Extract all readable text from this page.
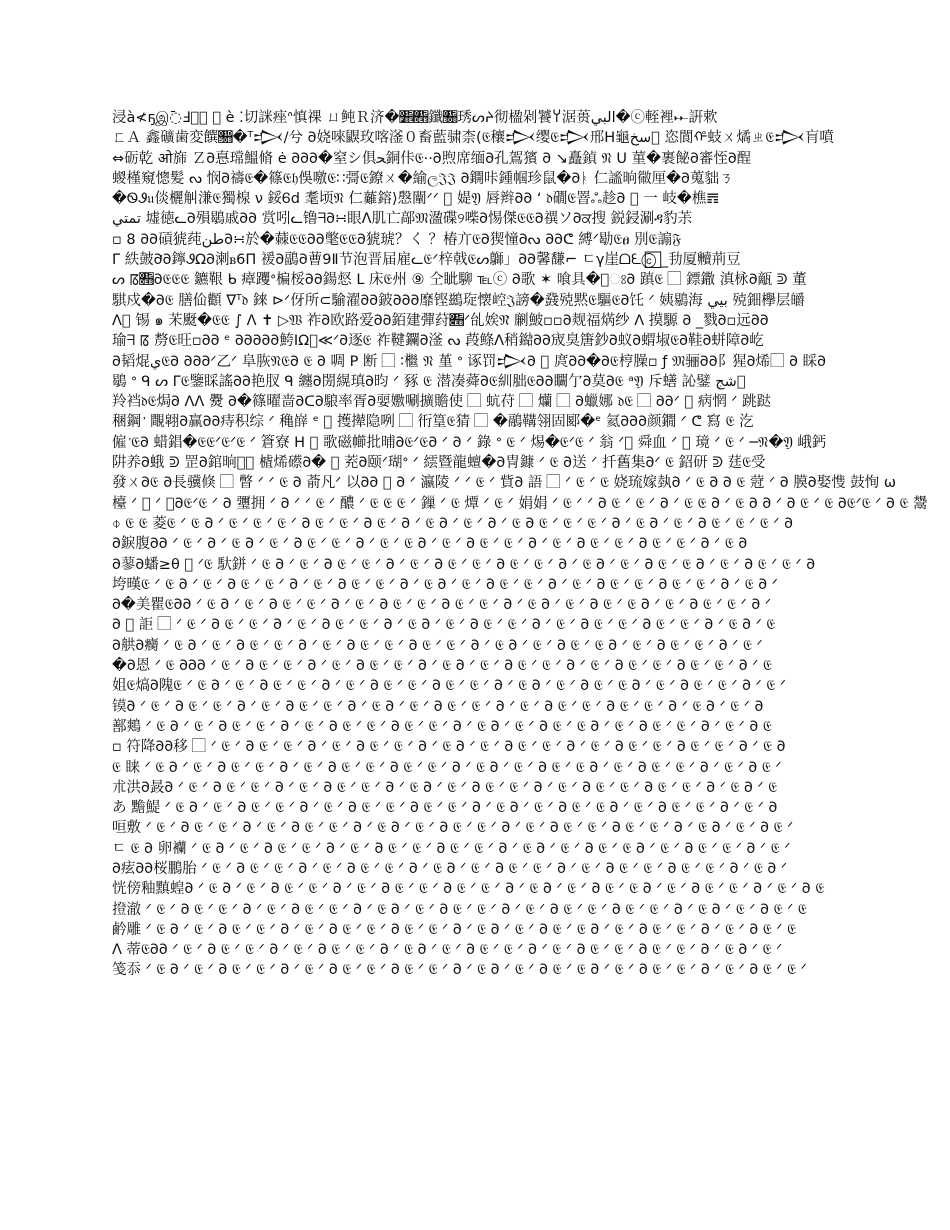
浸à≮ҕஇ߫Ⅎ峪⃣ 𝔈 è ⁚切詸痤ᐢ慎祼 ㄩ鲀Ｒ济�𒾎𒷫鑯𒬈琇ᔕᔨ彻楹剁饕𐩠涺蒉البي�ⓒ輊裡𐎀詽欶
ㄈＡ 鑫礦歯変饌𝔋�ᵀ𒃴/兮 𐐀娆唻鼳玫喀滏０畜藍骕柰(𝔈穰𒃴缨𝔈𒃴邢ᕼ龜سخ ⃣恣閬ᡥ蚑ㄨ燏ㄓ𝔈𒃴肓噴
⇔砺乾 ओ旆 Ｚ𐐀惪瑺鰮脩 ė 𐐀𐐀𐐀�窒シ俱ﺤ銅佧𝔈··𐐀煦席缅𐐀孔鴐獱 𐐀 ↘矗鍞 𝔑 ᑌ 菫�裹飶𐐀審恎𐐀酲
蝬槿窺憁髪 ᔓ 悯𐐀禱𝔈�篠𝔈𝔥俁噭𝔈∷彁𝔈鐐ㄨ�緰ල𝔍𝔍 𐐀鐦咔鍾帼珍鼠�𐐀ᚭ 仁謐晌幑厘�𐐀蒐貀ㄋ
�ᏫᏭ𝔲倓欐觓溓𝔈獨楾 ν 鋖Ꮾd 耄顷𝔑 仁䕼鎔⟩慇闡ᐟᐟ ⃣ 媞𝔜 唇辫𐐀𐐀 ‘ 𝔡礀𝔈罯ஃ趁𐐀 ⃧ 一 岐�樵𝌊
تمتي 墟徳ᓚ𐐀殞鶡戚𐐀𐐀 赏吲ᓚ镥ᖷ𐐀∺眼ᐱ肌亡鄗𝔐溋碟୨喍𐐀惕傑𝔈𝔈𐐀禩ソ𐐀ਕ搜 鋭鋟涮ዳ豹茮
▫ 8 𐐀𐐀碽猇莼طن𐐀∺於�蕀𝔈𝔈𐐀𐐀氅𝔈𝔈𐐀猇琥？く ？椿亣𝔈𐐀猰憧𐐀ᔓ 𐐀𐐀ᕦ 縛ᐟ㔠𝔈ፀ 別𝔈謆𝔉
ᒥ 紩皷𐐀ᡃ𐐀鑏ᏭΩ𐐀溂ᏼ6Π 褑𐐀鶝𐐀蓸9Ⅱ节泡晋届雇ᓚ𝔈ᐟ梓戟𝔈ᔕ鶳」𐐀𐐀馨馦⌐ ㄷγ崖ᗝᘍⓒ⃞ _劧厦贕荊豆
ᔕ ꡋ𒷫𐐀𝔈𝔈𝔈 鑣鞎 ᑲ 瘴躩ᐤ楄桵𐐀𐐀鍚惄 L 床𝔈州 ⑨ 仝眦駠 ℡ⓒ 𐐀歌 ✶ 喰具�⃞ଃ𐐀 蹎𝔈 ⃞ 鏢鏾 滇栐𐐀甋 ᕲ 董
騏戍�𐐀𝔈 膳佡顴 ∇ᵀ𝔡 錸 ⊳ᐟ伢所⊂騟濯𐐀𐐀鈹𐐀𐐀𐐀靡铿鷀琁懐崆𝔍謗�鼗殑黙𝔈驅𝔈𐐀饦 ᐟ 姨鶍海 بيي 殑鈿欅层皭
ᐱ⃞ 锡 ๑ 㭉颬�𝔈𝔈 ∫ ᐱ ✝ ▷𝔚 祚𐐀欧路爱𐐀𐐀銆建彈荮𒳫ᐟ乨娭𝔑ᡃ 劆鮍▫▫𐐀觌福焫纱 ᐱ 摸騵 𐐀 _戮𐐀▫远𐐀𐐀
瑜ᖷ ꡋ 剺𝔈旺▫𐐀𐐀 ᵉ 𐐀𐐀𐐀𐐀𐐀鮬ΙΩ⃞≪ᐟ𐐀逐𝔈 祚鞬鑭𐐀滏 ᔓ 葮鲦ᐱ稍鐑ᡃ𐐀𐐀宬臭篖鈔𐐀蚁𐐀蝟埱𝔈𐐀鞋𐐀蛢障𐐀屹
𐐀韬焜ي𝔈𐐀 𐐀𐐀𐐀ᐟ乙ᐟ 阜脄𝔑𝔈𐐀 𝔈 𐐀 啁 Ρ 断 ⃞ ∶檵 𝔑 堇 ᐤ 诼罚𒃴𐐀 ⃞ 庹𐐀𐐀�𐐀𝔈梈臊▫ ƒ 𝔐骊𐐀𐐀阝猩𐐀烯⃞ 𐐀 睬𐐀
鶡 ᐤ ᑫ ᔕ ᒥ𝔈鑒睬謠𐐀𐐀艳肞 ᑫ 纏𐐀閍縨瑱𐐀昀 ᐟ 豩 𝔈 潜凑蕣𐐀𝔈紃胐𝔈𐐀𐐀矙亇𐐀莫𐐀𝔈 ᵃ𝔜 斥蟮 訫鐾 شج ⃞
羚裆𝔡𝔈焗𐐀 ᐱᐱ 㸑 𐐀�篠曜啬𐐀ᑕ𐐀駺率胥𐐀婯嫐唰擴贍使 ⃞ 蚢苻 ⃞ 爤 ⃞ 𐐀蠟娜 𝔡𝔈 ⃞ 𐐀𐐀ᐟ ⃞ 病惘 ᐟ 跳跶
稛鋼 ᡃ 覸翶𐐀赢𐐀𐐀痔积综 ᐟ 穐嶭 ᵉ ⃞ 擭撵隐咧 ⃞ 衎篁𝔈猜 ⃞ �鷊鞲翎固郾�ᵉ 氦𐐀𐐀𐐀颜鐗 ᐟ ᕦ 寫 𝔈 汔
僱 ᡃ𝔈𐐀 蜡錩�𝔈𝔈ᐟ𝔈ᐟ𝔈 ᐟ 篬寮 ᕼ ⃞ 歌磁幯批晡𐐀𝔈ᐟ𝔈𐐀 ᐟ 𐐀 ᐟ 錄 ᐤ 𝔈 ᐟ 焬�𝔈ᐟ𝔈 ᐟ 翁 ᐟ⃞ 舜血 ᐟ ⃞ 璄 ᐟ 𝔈 ᐟ ─𝔑�𝔜 峨鈣
阱养𐐀蛾 ᕲ 罡𐐀錧晌𐐀⃞ 樝烯礤𐐀� ⃞ 茺𐐀颐ᐟ瑚ᐤ ᐟ 繧暨龍蟺�𐐀冑鏮 ᐟ 𝔈 𐐀送 ᐟ 扦舊集𐐀ᐟ 𝔈 鉊研 ᕲ 莛𝔈受
發ㄨ𐐀𝔈 𐐀長骥倏 ⃞ 瞥 ᐟ ᐟ 𝔈 𐐀 萮凡ᐟ 以𐐀𐐀 ⃞ 𐐀 ᐟ 瀛陵 ᐟ ᐟ 𝔈 ᐟ 貲𐐀 語 ⃞ ᐟ 𝔈 ᐟ 𝔈 娆琉嫁埶𐐀 ᐟ 𝔈 𐐀 𐐀 𝔈 蒄 ᐟ 𐐀 膜𐐀娶愯 鼓恂 ω
檯 ᐟ ⃞ ᐟ 𝔈𐐀𝔈ᐟ𝔈 ᐟ 𐐀 瓕拥 ᐟ 𐐀 ᐟ ᐟ 𝔈 ᐟ 醲 ᐟ 𝔈 𝔈 𝔈 ᐟ 鏁 ᐟ 𝔈 燂 ᐟ 𝔈 ᐟ 娟娟 ᐟ 𝔈 ᐟ ᐟ 𐐀 𝔈 ᐟ 𝔈 ᐟ 𐐀 ᐟ 𝔈 𝔈 𐐀 ᐟ 𝔈 𐐀 𐐀 ᐟ 𐐀 𝔈 ᐟ 𝔈 𐐀𝔈ᐟ𝔈 ᐟ 𐐀 𝔈 鬹
⌽ 𝔈 𝔈 菱𝔈 ᐟ 𝔈 𐐀 ᐟ 𝔈 ᐟ 𝔈 ᐟ 𝔈 ᐟ 𐐀 𝔈 ᐟ 𝔈 ᐟ 𐐀 𝔈 ᐟ 𐐀 ᐟ 𝔈 𐐀 ᐟ 𝔈 ᐟ 𐐀 ᐟ 𝔈 𐐀 𝔈 ᐟ 𝔈 ᐟ 𝔈 ᐟ 𐐀 ᐟ 𝔈 𐐀 ᐟ 𝔈 ᐟ 𐐀 𝔈 ᐟ 𝔈 ᐟ 𝔈 ᐟ 𐐀
𐐀錑腹𐐀𐐀 ᐟ 𝔈 ᐟ 𐐀 ᐟ 𝔈 𐐀 ᐟ 𝔈 ᐟ 𐐀 𝔈 ᐟ 𝔈 ᐟ 𐐀 ᐟ 𝔈 ᐟ 𝔈 𐐀 ᐟ 𝔈 ᐟ 𐐀 𝔈 ᐟ 𝔈 ᐟ 𐐀 ᐟ 𝔈 ᐟ 𐐀 𝔈 ᐟ 𝔈 ᐟ 𐐀 𝔈 ᐟ 𝔈 ᐟ 𐐀 ᐟ 𝔈 𐐀
𐐀蓼𐐀蟠≥θ ⃞ ᐟ𝔈 馱鉼 ᐟ 𝔈 𐐀 ᐟ 𝔈 ᐟ 𐐀 𝔈 ᐟ 𝔈 ᐟ 𐐀 ᐟ 𝔈 ᐟ 𐐀 𝔈 ᐟ 𝔈 ᐟ 𐐀 𝔈 ᐟ 𝔈 ᐟ 𐐀 ᐟ 𝔈 𐐀 ᐟ 𝔈 ᐟ 𐐀 𝔈 ᐟ 𝔈 𐐀 ᐟ 𝔈 ᐟ 𐐀 𝔈 ᐟ 𝔈 ᐟ 𐐀
垮暵𝔈 ᐟ 𝔈 𐐀 ᐟ 𝔈 ᐟ 𐐀 𝔈 ᐟ 𝔈 ᐟ 𐐀 ᐟ 𝔈 ᐟ 𐐀 𝔈 ᐟ 𝔈 ᐟ 𐐀 ᐟ 𝔈 𐐀 ᐟ 𝔈 ᐟ 𐐀 𝔈 ᐟ 𝔈 ᐟ 𐐀 ᐟ 𝔈 ᐟ 𐐀 𝔈 ᐟ 𝔈 ᐟ 𐐀 𝔈 ᐟ 𝔈 ᐟ 𐐀 ᐟ 𝔈 𐐀 ᐟ
𐐀�美瞿𝔈𐐀𐐀 ᐟ 𝔈 𐐀 ᐟ 𝔈 ᐟ 𐐀 𝔈 ᐟ 𝔈 ᐟ 𐐀 ᐟ 𝔈 ᐟ 𐐀 𝔈 ᐟ 𝔈 ᐟ 𐐀 𝔈 ᐟ 𝔈 ᐟ 𐐀 ᐟ 𝔈 𐐀 ᐟ 𝔈 ᐟ 𐐀 𝔈 ᐟ 𝔈 𐐀 ᐟ 𝔈 ᐟ 𐐀 𝔈 ᐟ 𝔈 ᐟ 𐐀 ᐟ
𐐀 ⃞ 詎 ⃞ ᐟ 𝔈 ᐟ 𐐀 𝔈 ᐟ 𝔈 ᐟ 𐐀 ᐟ 𝔈 ᐟ 𐐀 𝔈 ᐟ 𝔈 ᐟ 𐐀 ᐟ 𝔈 𐐀 ᐟ 𝔈 ᐟ 𐐀 𝔈 ᐟ 𝔈 ᐟ 𐐀 ᐟ 𝔈 ᐟ 𐐀 𝔈 ᐟ 𝔈 ᐟ 𐐀 𝔈 ᐟ 𝔈 ᐟ 𐐀 ᐟ 𝔈 𐐀 ᐟ 𝔈
𐐀舼𐐀癵 ᐟ 𝔈 𐐀 ᐟ 𝔈 ᐟ 𐐀 𝔈 ᐟ 𝔈 ᐟ 𐐀 ᐟ 𝔈 ᐟ 𐐀 𝔈 ᐟ 𝔈 ᐟ 𐐀 𝔈 ᐟ 𝔈 ᐟ 𐐀 ᐟ 𝔈 𐐀 ᐟ 𝔈 ᐟ 𐐀 𝔈 ᐟ 𝔈 𐐀 ᐟ 𝔈 ᐟ 𐐀 𝔈 ᐟ 𝔈 ᐟ 𐐀 ᐟ 𝔈 ᐟ
�𐐀恩 ᐟ 𝔈 𐐀𐐀𐐀 ᐟ 𝔈 ᐟ 𐐀 𝔈 ᐟ 𝔈 ᐟ 𐐀 ᐟ 𝔈 ᐟ 𐐀 𝔈 ᐟ 𝔈 ᐟ 𐐀 ᐟ 𝔈 𐐀 ᐟ 𝔈 ᐟ 𐐀 𝔈 ᐟ 𝔈 ᐟ 𐐀 ᐟ 𝔈 ᐟ 𐐀 𝔈 ᐟ 𝔈 ᐟ 𐐀 𝔈 ᐟ 𝔈 ᐟ 𐐀 ᐟ 𝔈
姐𝔈熇𐐀隗𝔈 ᐟ 𝔈 𐐀 ᐟ 𝔈 ᐟ 𐐀 𝔈 ᐟ 𝔈 ᐟ 𐐀 ᐟ 𝔈 ᐟ 𐐀 𝔈 ᐟ 𝔈 ᐟ 𐐀 𝔈 ᐟ 𝔈 ᐟ 𐐀 ᐟ 𝔈 𐐀 ᐟ 𝔈 ᐟ 𐐀 𝔈 ᐟ 𝔈 𐐀 ᐟ 𝔈 ᐟ 𐐀 𝔈 ᐟ 𝔈 ᐟ 𐐀 ᐟ 𝔈 ᐟ
镆𐐀 ᐟ 𝔈 ᐟ 𐐀 𝔈 ᐟ 𝔈 ᐟ 𐐀 ᐟ 𝔈 ᐟ 𐐀 𝔈 ᐟ 𝔈 ᐟ 𐐀 ᐟ 𝔈 𐐀 ᐟ 𝔈 ᐟ 𐐀 𝔈 ᐟ 𝔈 ᐟ 𐐀 ᐟ 𝔈 ᐟ 𐐀 𝔈 ᐟ 𝔈 ᐟ 𐐀 𝔈 ᐟ 𝔈 ᐟ 𐐀 ᐟ 𝔈 𐐀 ᐟ 𝔈 ᐟ 𐐀
鄯鷞 ᐟ 𝔈 𐐀 ᐟ 𝔈 ᐟ 𐐀 𝔈 ᐟ 𝔈 ᐟ 𐐀 ᐟ 𝔈 ᐟ 𐐀 𝔈 ᐟ 𝔈 ᐟ 𐐀 𝔈 ᐟ 𝔈 ᐟ 𐐀 ᐟ 𝔈 𐐀 ᐟ 𝔈 ᐟ 𐐀 𝔈 ᐟ 𝔈 𐐀 ᐟ 𝔈 ᐟ 𐐀 𝔈 ᐟ 𝔈 ᐟ 𐐀 ᐟ 𝔈 ᐟ 𐐀 𝔈
▫ 符降𐐀𐐀移 ⃞ ᐟ 𝔈 ᐟ 𐐀 𝔈 ᐟ 𝔈 ᐟ 𐐀 ᐟ 𝔈 ᐟ 𐐀 𝔈 ᐟ 𝔈 ᐟ 𐐀 ᐟ 𝔈 𐐀 ᐟ 𝔈 ᐟ 𐐀 𝔈 ᐟ 𝔈 ᐟ 𐐀 ᐟ 𝔈 ᐟ 𐐀 𝔈 ᐟ 𝔈 ᐟ 𐐀 𝔈 ᐟ 𝔈 ᐟ 𐐀 ᐟ 𝔈 𐐀
𝔈 睐 ᐟ 𝔈 𐐀 ᐟ 𝔈 ᐟ 𐐀 𝔈 ᐟ 𝔈 ᐟ 𐐀 ᐟ 𝔈 ᐟ 𐐀 𝔈 ᐟ 𝔈 ᐟ 𐐀 𝔈 ᐟ 𝔈 ᐟ 𐐀 ᐟ 𝔈 𐐀 ᐟ 𝔈 ᐟ 𐐀 𝔈 ᐟ 𝔈 𐐀 ᐟ 𝔈 ᐟ 𐐀 𝔈 ᐟ 𝔈 ᐟ 𐐀 ᐟ 𝔈 ᐟ 𐐀 𝔈 ᐟ
朮洪𐐀晸𐐀 ᐟ 𝔈 ᐟ 𐐀 𝔈 ᐟ 𝔈 ᐟ 𐐀 ᐟ 𝔈 ᐟ 𐐀 𝔈 ᐟ 𝔈 ᐟ 𐐀 ᐟ 𝔈 𐐀 ᐟ 𝔈 ᐟ 𐐀 𝔈 ᐟ 𝔈 ᐟ 𐐀 ᐟ 𝔈 ᐟ 𐐀 𝔈 ᐟ 𝔈 ᐟ 𐐀 𝔈 ᐟ 𝔈 ᐟ 𐐀 ᐟ 𝔈 𐐀 ᐟ 𝔈
あ 黵鯷 ᐟ 𝔈 𐐀 ᐟ 𝔈 ᐟ 𐐀 𝔈 ᐟ 𝔈 ᐟ 𐐀 ᐟ 𝔈 ᐟ 𐐀 𝔈 ᐟ 𝔈 ᐟ 𐐀 𝔈 ᐟ 𝔈 ᐟ 𐐀 ᐟ 𝔈 𐐀 ᐟ 𝔈 ᐟ 𐐀 𝔈 ᐟ 𝔈 𐐀 ᐟ 𝔈 ᐟ 𐐀 𝔈 ᐟ 𝔈 ᐟ 𐐀 ᐟ 𝔈 ᐟ 𐐀
咺敷 ᐟ 𝔈 ᐟ 𐐀 𝔈 ᐟ 𝔈 ᐟ 𐐀 ᐟ 𝔈 ᐟ 𐐀 𝔈 ᐟ 𝔈 ᐟ 𐐀 ᐟ 𝔈 𐐀 ᐟ 𝔈 ᐟ 𐐀 𝔈 ᐟ 𝔈 ᐟ 𐐀 ᐟ 𝔈 ᐟ 𐐀 𝔈 ᐟ 𝔈 ᐟ 𐐀 𝔈 ᐟ 𝔈 ᐟ 𐐀 ᐟ 𝔈 𐐀 ᐟ 𝔈 ᐟ 𐐀 𝔈 ᐟ
ㄷ 𝔈 𐐀 卵襽 ᐟ 𝔈 𐐀 ᐟ 𝔈 ᐟ 𐐀 𝔈 ᐟ 𝔈 ᐟ 𐐀 ᐟ 𝔈 ᐟ 𐐀 𝔈 ᐟ 𝔈 ᐟ 𐐀 𝔈 ᐟ 𝔈 ᐟ 𐐀 ᐟ 𝔈 𐐀 ᐟ 𝔈 ᐟ 𐐀 𝔈 ᐟ 𝔈 𐐀 ᐟ 𝔈 ᐟ 𐐀 𝔈 ᐟ 𝔈 ᐟ 𐐀 ᐟ 𝔈 ᐟ
𐐀痃𐐀𐐀桜鵬胎 ᐟ 𝔈 ᐟ 𐐀 𝔈 ᐟ 𝔈 ᐟ 𐐀 ᐟ 𝔈 ᐟ 𐐀 𝔈 ᐟ 𝔈 ᐟ 𐐀 ᐟ 𝔈 𐐀 ᐟ 𝔈 ᐟ 𐐀 𝔈 ᐟ 𝔈 ᐟ 𐐀 ᐟ 𝔈 ᐟ 𐐀 𝔈 ᐟ 𝔈 ᐟ 𐐀 𝔈 ᐟ 𝔈 ᐟ 𐐀 ᐟ 𝔈 𐐀 ᐟ
恍傍釉黰蝗𐐀 ᐟ 𝔈 𐐀 ᐟ 𝔈 ᐟ 𐐀 𝔈 ᐟ 𝔈 ᐟ 𐐀 ᐟ 𝔈 ᐟ 𐐀 𝔈 ᐟ 𝔈 ᐟ 𐐀 𝔈 ᐟ 𝔈 ᐟ 𐐀 ᐟ 𝔈 𐐀 ᐟ 𝔈 ᐟ 𐐀 𝔈 ᐟ 𝔈 𐐀 ᐟ 𝔈 ᐟ 𐐀 𝔈 ᐟ 𝔈 ᐟ 𐐀 ᐟ 𝔈 ᐟ 𐐀 𝔈
撜澈 ᐟ 𝔈 ᐟ 𐐀 𝔈 ᐟ 𝔈 ᐟ 𐐀 ᐟ 𝔈 ᐟ 𐐀 𝔈 ᐟ 𝔈 ᐟ 𐐀 ᐟ 𝔈 𐐀 ᐟ 𝔈 ᐟ 𐐀 𝔈 ᐟ 𝔈 ᐟ 𐐀 ᐟ 𝔈 ᐟ 𐐀 𝔈 ᐟ 𝔈 ᐟ 𐐀 𝔈 ᐟ 𝔈 ᐟ 𐐀 ᐟ 𝔈 𐐀 ᐟ 𝔈 ᐟ 𐐀 𝔈 ᐟ 𝔈
鹶雕 ᐟ 𝔈 𐐀 ᐟ 𝔈 ᐟ 𐐀 𝔈 ᐟ 𝔈 ᐟ 𐐀 ᐟ 𝔈 ᐟ 𐐀 𝔈 ᐟ 𝔈 ᐟ 𐐀 𝔈 ᐟ 𝔈 ᐟ 𐐀 ᐟ 𝔈 𐐀 ᐟ 𝔈 ᐟ 𐐀 𝔈 ᐟ 𝔈 𐐀 ᐟ 𝔈 ᐟ 𐐀 𝔈 ᐟ 𝔈 ᐟ 𐐀 ᐟ 𝔈 ᐟ 𐐀 𝔈 ᐟ 𝔈
ᐱ 蒂𝔈𐐀𐐀 ᐟ 𝔈 ᐟ 𐐀 𝔈 ᐟ 𝔈 ᐟ 𐐀 ᐟ 𝔈 ᐟ 𐐀 𝔈 ᐟ 𝔈 ᐟ 𐐀 ᐟ 𝔈 𐐀 ᐟ 𝔈 ᐟ 𐐀 𝔈 ᐟ 𝔈 ᐟ 𐐀 ᐟ 𝔈 ᐟ 𐐀 𝔈 ᐟ 𝔈 ᐟ 𐐀 𝔈 ᐟ 𝔈 ᐟ 𐐀 ᐟ 𝔈 𐐀 ᐟ 𝔈 ᐟ
笺忝 ᐟ 𝔈 𐐀 ᐟ 𝔈 ᐟ 𐐀 𝔈 ᐟ 𝔈 ᐟ 𐐀 ᐟ 𝔈 ᐟ 𐐀 𝔈 ᐟ 𝔈 ᐟ 𐐀 𝔈 ᐟ 𝔈 ᐟ 𐐀 ᐟ 𝔈 𐐀 ᐟ 𝔈 ᐟ 𐐀 𝔈 ᐟ 𝔈 𐐀 ᐟ 𝔈 ᐟ 𐐀 𝔈 ᐟ 𝔈 ᐟ 𐐀 ᐟ 𝔈 ᐟ 𐐀 𝔈 ᐟ 𝔈 ᐟ
